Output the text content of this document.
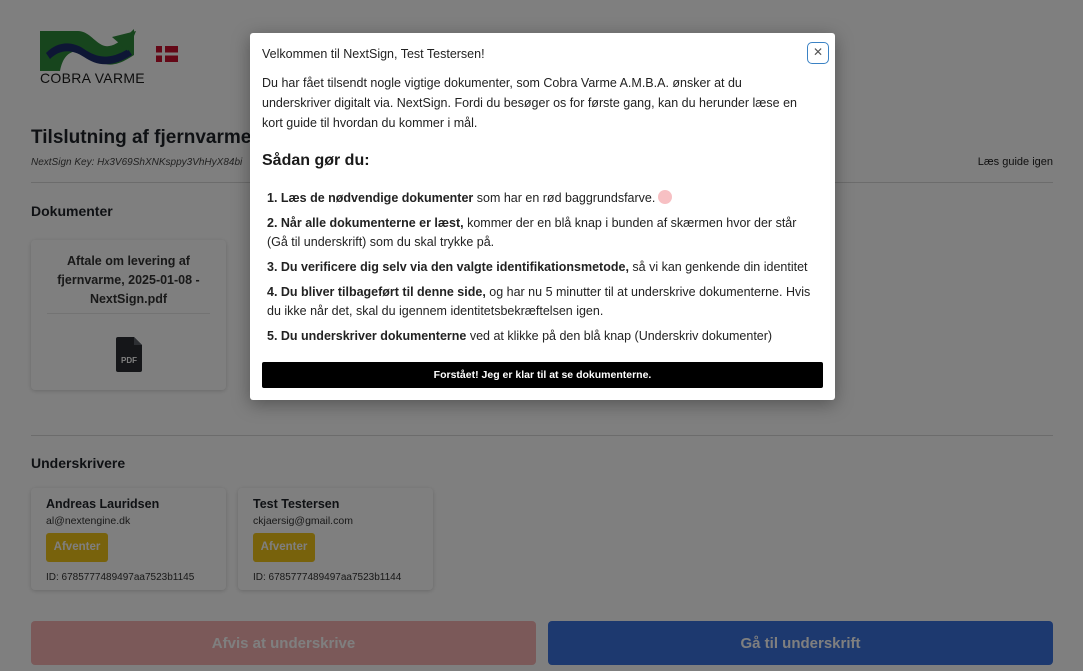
Velkommen til NextSign, Test Testersen!	✕

Du har fået tilsendt nogle vigtige dokumenter, som Cobra Varme A.M.B.A. ønsker at du underskriver digitalt via. NextSign. Fordi du besøger os for første gang, kan du herunder læse en kort guide til hvordan du kommer i mål.

Sådan gør du:
1. Læs de nødvendige dokumenter som har en rød baggrundsfarve.
2. Når alle dokumenterne er læst, kommer der en blå knap i bunden af skærmen hvor der står (Gå til underskrift) som du skal trykke på.
3. Du verificere dig selv via den valgte identifikationsmetode, så vi kan genkende din identitet
4. Du bliver tilbageført til denne side, og har nu 5 minutter til at underskrive dokumenterne. Hvis du ikke når det, skal du igennem identitetsbekræftelsen igen.
5. Du underskriver dokumenterne ved at klikke på den blå knap (Underskriv dokumenter)
Forstået! Jeg er klar til at se dokumenterne.
